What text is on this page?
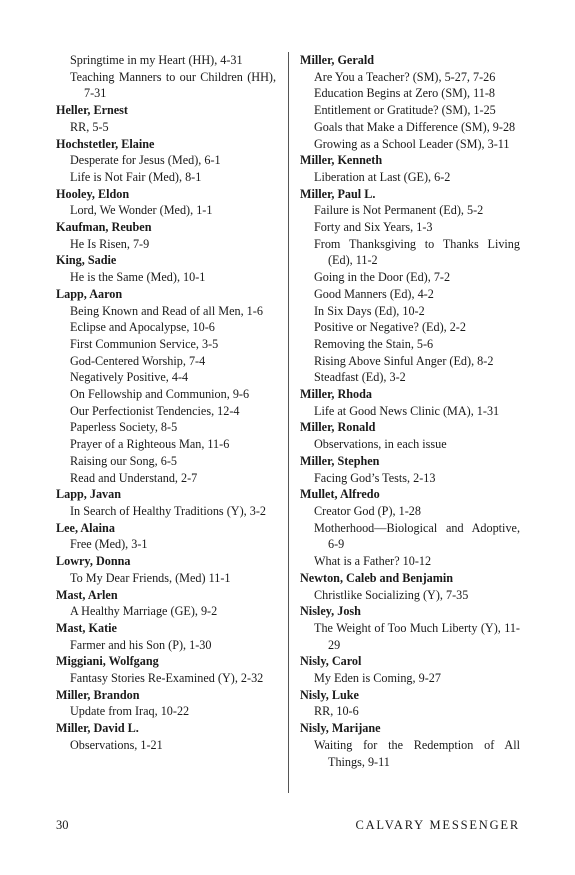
Springtime in my Heart (HH), 4-31
Teaching Manners to our Children (HH), 7-31
Heller, Ernest
RR, 5-5
Hochstetler, Elaine
Desperate for Jesus (Med), 6-1
Life is Not Fair (Med), 8-1
Hooley, Eldon
Lord, We Wonder (Med), 1-1
Kaufman, Reuben
He Is Risen, 7-9
King, Sadie
He is the Same (Med), 10-1
Lapp, Aaron
Being Known and Read of all Men, 1-6
Eclipse and Apocalypse, 10-6
First Communion Service, 3-5
God-Centered Worship, 7-4
Negatively Positive, 4-4
On Fellowship and Communion, 9-6
Our Perfectionist Tendencies, 12-4
Paperless Society, 8-5
Prayer of a Righteous Man, 11-6
Raising our Song, 6-5
Read and Understand, 2-7
Lapp, Javan
In Search of Healthy Traditions (Y), 3-2
Lee, Alaina
Free (Med), 3-1
Lowry, Donna
To My Dear Friends, (Med) 11-1
Mast, Arlen
A Healthy Marriage (GE), 9-2
Mast, Katie
Farmer and his Son (P), 1-30
Miggiani, Wolfgang
Fantasy Stories Re-Examined (Y), 2-32
Miller, Brandon
Update from Iraq, 10-22
Miller, David L.
Observations, 1-21
Miller, Gerald
Are You a Teacher? (SM), 5-27, 7-26
Education Begins at Zero (SM), 11-8
Entitlement or Gratitude? (SM), 1-25
Goals that Make a Difference (SM), 9-28
Growing as a School Leader (SM), 3-11
Miller, Kenneth
Liberation at Last (GE), 6-2
Miller, Paul L.
Failure is Not Permanent (Ed), 5-2
Forty and Six Years, 1-3
From Thanksgiving to Thanks Living (Ed), 11-2
Going in the Door (Ed), 7-2
Good Manners (Ed), 4-2
In Six Days (Ed), 10-2
Positive or Negative? (Ed), 2-2
Removing the Stain, 5-6
Rising Above Sinful Anger (Ed), 8-2
Steadfast (Ed), 3-2
Miller, Rhoda
Life at Good News Clinic (MA), 1-31
Miller, Ronald
Observations, in each issue
Miller, Stephen
Facing God’s Tests, 2-13
Mullet, Alfredo
Creator God (P), 1-28
Motherhood—Biological and Adoptive, 6-9
What is a Father? 10-12
Newton, Caleb and Benjamin
Christlike Socializing (Y), 7-35
Nisley, Josh
The Weight of Too Much Liberty (Y), 11-29
Nisly, Carol
My Eden is Coming, 9-27
Nisly, Luke
RR, 10-6
Nisly, Marijane
Waiting for the Redemption of All Things, 9-11
30	CALVARY MESSENGER
